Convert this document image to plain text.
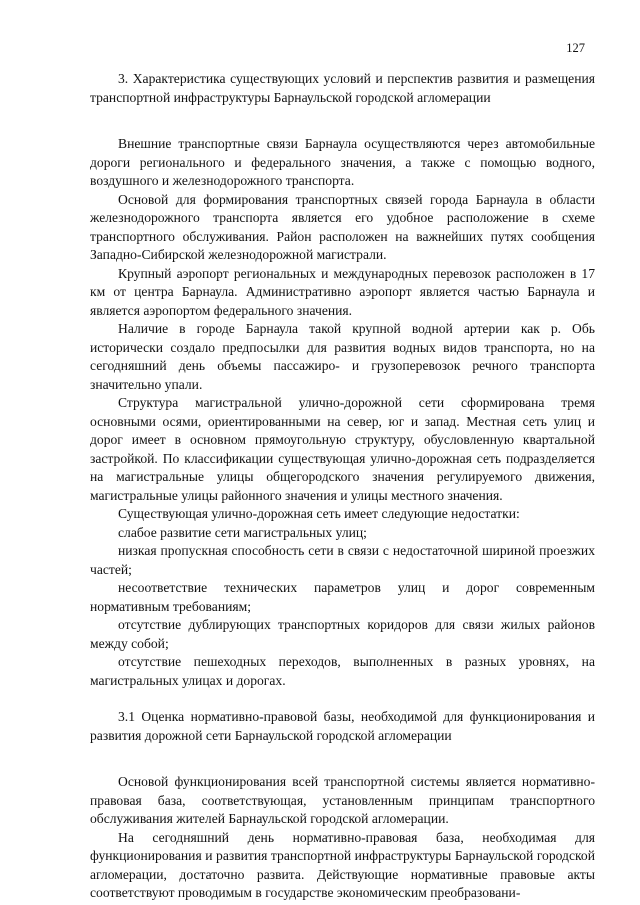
127

3. Характеристика существующих условий и перспектив развития и размещения транспортной инфраструктуры Барнаульской городской агломерации

Внешние транспортные связи Барнаула осуществляются через автомобильные дороги регионального и федерального значения, а также с помощью водного, воздушного и железнодорожного транспорта.

Основой для формирования транспортных связей города Барнаула в области железнодорожного транспорта является его удобное расположение в схеме транспортного обслуживания. Район расположен на важнейших путях сообщения Западно-Сибирской железнодорожной магистрали.

Крупный аэропорт региональных и международных перевозок расположен в 17 км от центра Барнаула. Административно аэропорт является частью Барнаула и является аэропортом федерального значения.

Наличие в городе Барнаула такой крупной водной артерии как р. Обь исторически создало предпосылки для развития водных видов транспорта, но на сегодняшний день объемы пассажиро- и грузоперевозок речного транспорта значительно упали.

Структура магистральной улично-дорожной сети сформирована тремя основными осями, ориентированными на север, юг и запад. Местная сеть улиц и дорог имеет в основном прямоугольную структуру, обусловленную квартальной застройкой. По классификации существующая улично-дорожная сеть подразделяется на магистральные улицы общегородского значения регулируемого движения, магистральные улицы районного значения и улицы местного значения.

Существующая улично-дорожная сеть имеет следующие недостатки:

слабое развитие сети магистральных улиц;

низкая пропускная способность сети в связи с недостаточной шириной проезжих частей;

несоответствие технических параметров улиц и дорог современным нормативным требованиям;

отсутствие дублирующих транспортных коридоров для связи жилых районов между собой;

отсутствие пешеходных переходов, выполненных в разных уровнях, на магистральных улицах и дорогах.

3.1 Оценка нормативно-правовой базы, необходимой для функционирования и развития дорожной сети Барнаульской городской агломерации

Основой функционирования всей транспортной системы является нормативно-правовая база, соответствующая, установленным принципам транспортного обслуживания жителей Барнаульской городской агломерации.

На сегодняшний день нормативно-правовая база, необходимая для функционирования и развития транспортной инфраструктуры Барнаульской городской агломерации, достаточно развита. Действующие нормативные правовые акты соответствуют проводимым в государстве экономическим преобразовани-
